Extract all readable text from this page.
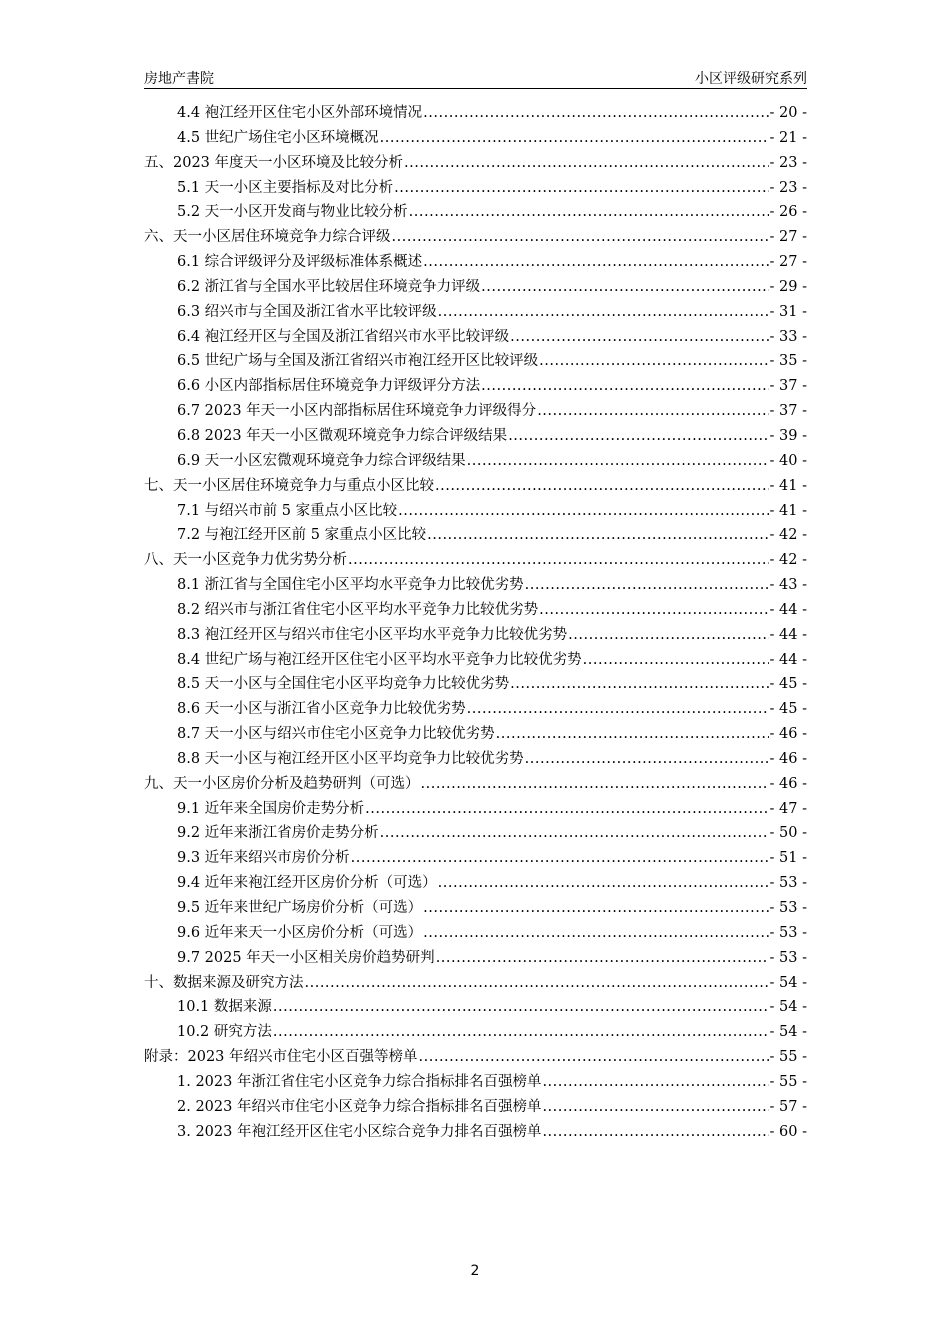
房地产書院	小区评级研究系列
4.4 袍江经开区住宅小区外部环境情况 .....	- 20 -
4.5 世纪广场住宅小区环境概况 .....	- 21 -
五、2023 年度天一小区环境及比较分析 .....	- 23 -
5.1 天一小区主要指标及对比分析 .....	- 23 -
5.2 天一小区开发商与物业比较分析 .....	- 26 -
六、天一小区居住环境竞争力综合评级 .....	- 27 -
6.1 综合评级评分及评级标准体系概述 .....	- 27 -
6.2 浙江省与全国水平比较居住环境竞争力评级 .....	- 29 -
6.3 绍兴市与全国及浙江省水平比较评级 .....	- 31 -
6.4 袍江经开区与全国及浙江省绍兴市水平比较评级 .....	- 33 -
6.5 世纪广场与全国及浙江省绍兴市袍江经开区比较评级 .....	- 35 -
6.6 小区内部指标居住环境竞争力评级评分方法 .....	- 37 -
6.7 2023 年天一小区内部指标居住环境竞争力评级得分 .....	- 37 -
6.8 2023 年天一小区微观环境竞争力综合评级结果 .....	- 39 -
6.9 天一小区宏微观环境竞争力综合评级结果 .....	- 40 -
七、天一小区居住环境竞争力与重点小区比较 .....	- 41 -
7.1 与绍兴市前 5 家重点小区比较 .....	- 41 -
7.2 与袍江经开区前 5 家重点小区比较 .....	- 42 -
八、天一小区竞争力优劣势分析 .....	- 42 -
8.1 浙江省与全国住宅小区平均水平竞争力比较优劣势 .....	- 43 -
8.2 绍兴市与浙江省住宅小区平均水平竞争力比较优劣势 .....	- 44 -
8.3 袍江经开区与绍兴市住宅小区平均水平竞争力比较优劣势 .....	- 44 -
8.4 世纪广场与袍江经开区住宅小区平均水平竞争力比较优劣势 .....	- 44 -
8.5 天一小区与全国住宅小区平均竞争力比较优劣势 .....	- 45 -
8.6 天一小区与浙江省小区竞争力比较优劣势 .....	- 45 -
8.7 天一小区与绍兴市住宅小区竞争力比较优劣势 .....	- 46 -
8.8 天一小区与袍江经开区小区平均竞争力比较优劣势 .....	- 46 -
九、天一小区房价分析及趋势研判（可选） .....	- 46 -
9.1 近年来全国房价走势分析 .....	- 47 -
9.2 近年来浙江省房价走势分析 .....	- 50 -
9.3 近年来绍兴市房价分析 .....	- 51 -
9.4 近年来袍江经开区房价分析（可选） .....	- 53 -
9.5 近年来世纪广场房价分析（可选） .....	- 53 -
9.6 近年来天一小区房价分析（可选） .....	- 53 -
9.7 2025 年天一小区相关房价趋势研判 .....	- 53 -
十、数据来源及研究方法 .....	- 54 -
10.1 数据来源 .....	- 54 -
10.2 研究方法 .....	- 54 -
附录：2023 年绍兴市住宅小区百强等榜单 .....	- 55 -
1. 2023 年浙江省住宅小区竞争力综合指标排名百强榜单 .....	- 55 -
2. 2023 年绍兴市住宅小区竞争力综合指标排名百强榜单 .....	- 57 -
3. 2023 年袍江经开区住宅小区综合竞争力排名百强榜单 .....	- 60 -
2
